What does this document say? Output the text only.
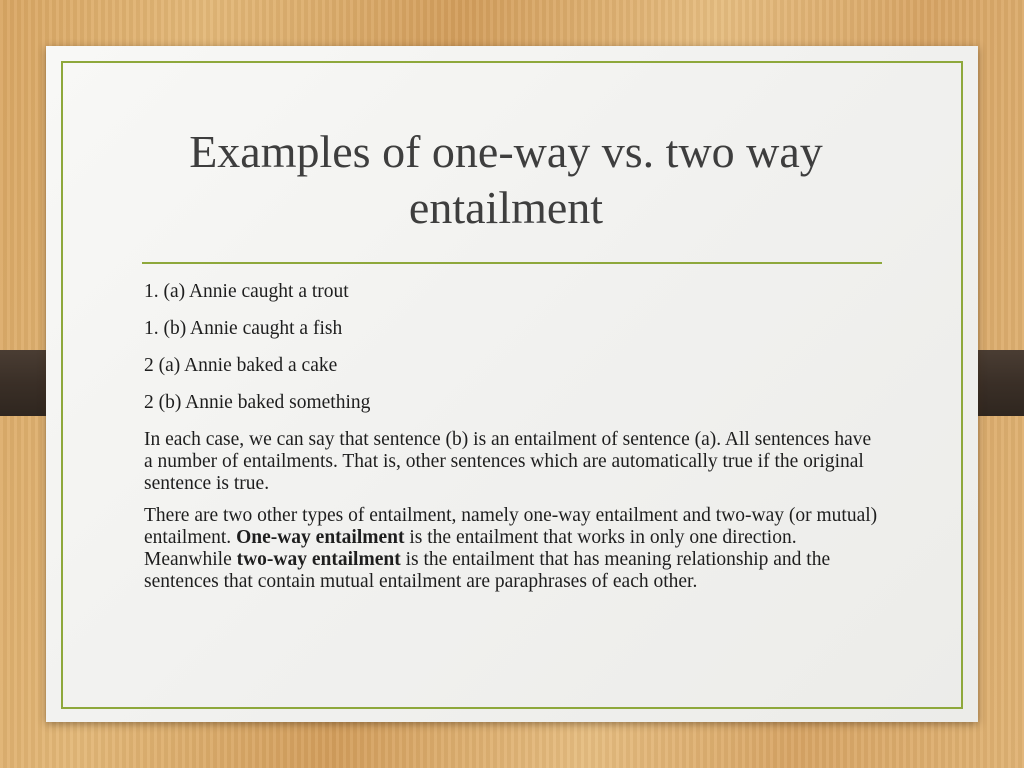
Examples of one-way vs. two way entailment

1. (a) Annie caught a trout

1. (b) Annie caught a fish

2 (a) Annie baked a cake

2 (b) Annie baked something

In each case, we can say that sentence (b) is an entailment of sentence (a). All sentences have a number of entailments. That is, other sentences which are automatically true if the original sentence is true.

There are two other types of entailment, namely one-way entailment and two-way (or mutual) entailment. One-way entailment is the entailment that works in only one direction. Meanwhile two-way entailment is the entailment that has meaning relationship and the sentences that contain mutual entailment are paraphrases of each other.
